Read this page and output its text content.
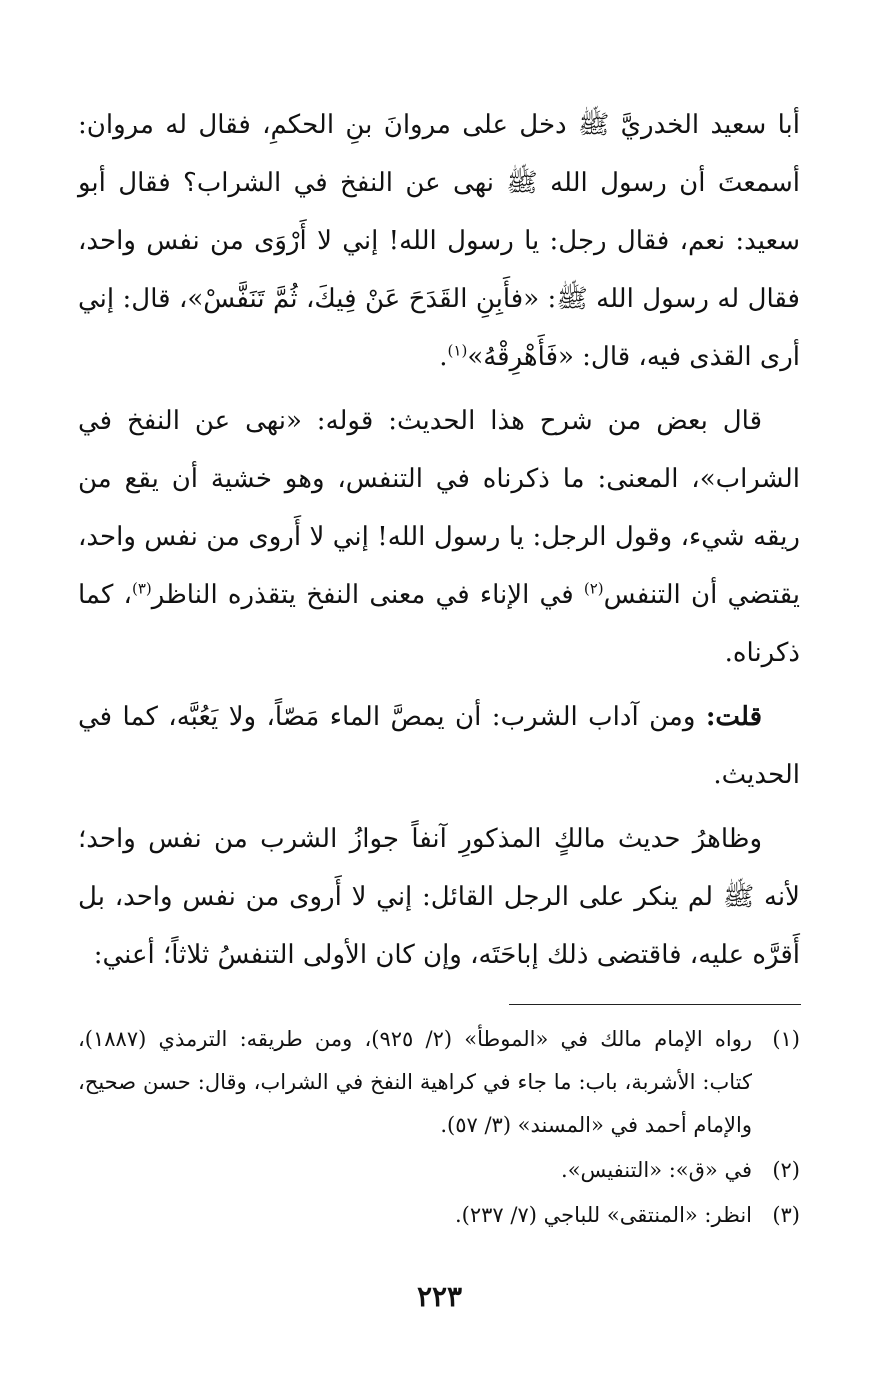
أبا سعيد الخدريَّ ﷺ دخل على مروانَ بنِ الحكمِ، فقال له مروان: أسمعتَ أن رسول الله ﷺ نهى عن النفخ في الشراب؟ فقال أبو سعيد: نعم، فقال رجل: يا رسول الله! إني لا أَرْوَى من نفس واحد، فقال له رسول الله ﷺ: «فأَبِنِ القَدَحَ عَنْ فِيكَ، ثُمَّ تَنَفَّسْ»، قال: إني أرى القذى فيه، قال: «فَأَهْرِقْهُ»$^{(١)}$.

قال بعض من شرح هذا الحديث: قوله: «نهى عن النفخ في الشراب»، المعنى: ما ذكرناه في التنفس، وهو خشية أن يقع من ريقه شيء، وقول الرجل: يا رسول الله! إني لا أَروى من نفس واحد، يقتضي أن التنفس$^{(٢)}$ في الإناء في معنى النفخ يتقذره الناظر$^{(٣)}$، كما ذكرناه.

قلت: ومن آداب الشرب: أن يمصَّ الماء مَصّاً، ولا يَعُبَّه، كما في الحديث.

وظاهرُ حديث مالكٍ المذكورِ آنفاً جوازُ الشرب من نفس واحد؛ لأنه ﷺ لم ينكر على الرجل القائل: إني لا أَروى من نفس واحد، بل أَقرَّه عليه، فاقتضى ذلك إباحَتَه، وإن كان الأولى التنفسُ ثلاثاً؛ أعني:

(١)
رواه الإمام مالك في «الموطأ» (٢/ ٩٢٥)، ومن طريقه: الترمذي (١٨٨٧)، كتاب: الأشربة، باب: ما جاء في كراهية النفخ في الشراب، وقال: حسن صحيح، والإمام أحمد في «المسند» (٣/ ٥٧).
(٢)
في «ق»: «التنفيس».
(٣)
انظر: «المنتقى» للباجي (٧/ ٢٣٧).
٢٢٣
